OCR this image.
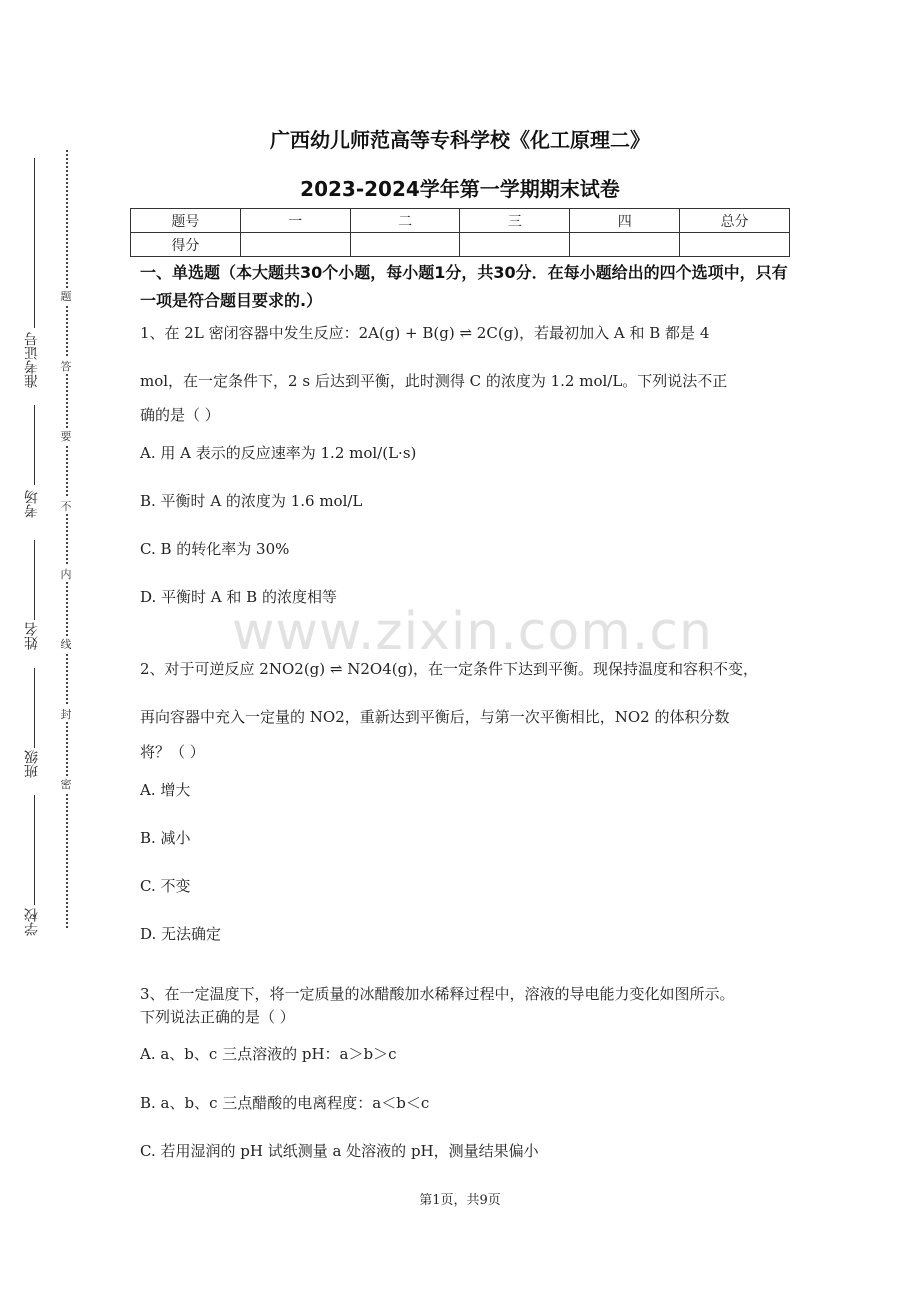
准考证号
考场
姓名
班级
学校
题
答
要
不
内
线
封
密
广西幼儿师范高等专科学校《化工原理二》
2023-2024学年第一学期期末试卷
题号	一	二	三	四	总分
得分					
一、单选题（本大题共30个小题，每小题1分，共30分．在每小题给出的四个选项中，只有一项是符合题目要求的.）
1、在 2L 密闭容器中发生反应：2A(g) + B(g) ⇌ 2C(g)，若最初加入 A 和 B 都是 4
mol，在一定条件下，2 s 后达到平衡，此时测得 C 的浓度为 1.2 mol/L。下列说法不正
确的是（ ）
A. 用 A 表示的反应速率为 1.2 mol/(L·s)
B. 平衡时 A 的浓度为 1.6 mol/L
C. B 的转化率为 30%
D. 平衡时 A 和 B 的浓度相等
www.zixin.com.cn
2、对于可逆反应 2NO2(g) ⇌ N2O4(g)，在一定条件下达到平衡。现保持温度和容积不变，
再向容器中充入一定量的 NO2，重新达到平衡后，与第一次平衡相比，NO2 的体积分数
将？（ ）
A. 增大
B. 减小
C. 不变
D. 无法确定
3、在一定温度下，将一定质量的冰醋酸加水稀释过程中，溶液的导电能力变化如图所示。
下列说法正确的是（ ）
A. a、b、c 三点溶液的 pH：a＞b＞c
B. a、b、c 三点醋酸的电离程度：a＜b＜c
C. 若用湿润的 pH 试纸测量 a 处溶液的 pH，测量结果偏小
第1页，共9页
